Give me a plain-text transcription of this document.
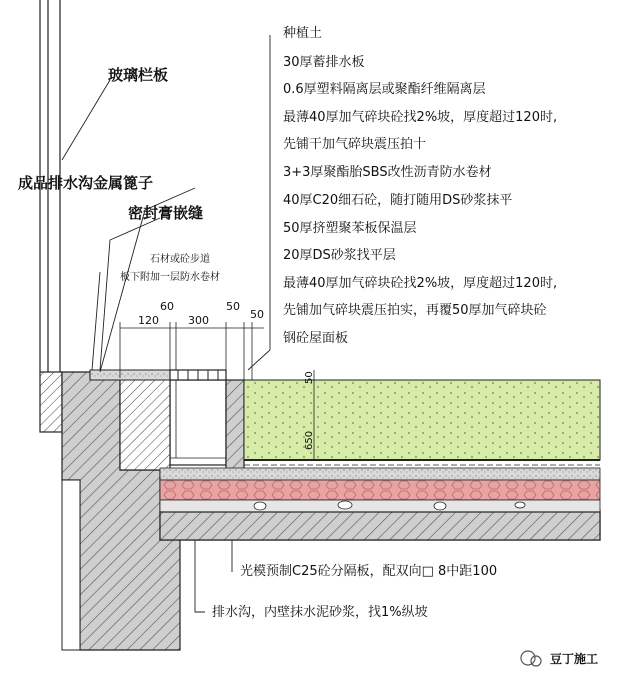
种植土
30厚蓄排水板
0.6厚塑料隔离层或聚酯纤维隔离层
最薄40厚加气碎块砼找2%坡，厚度超过120时,
先铺干加气碎块震压拍十
3+3厚聚酯胎SBS改性沥青防水卷材
40厚C20细石砼，随打随用DS砂浆抹平
50厚挤塑聚苯板保温层
20厚DS砂浆找平层
最薄40厚加气碎块砼找2%坡，厚度超过120时,
先铺加气碎块震压拍实，再覆50厚加气碎块砼
钢砼屋面板
玻璃栏板
成品排水沟金属篦子
密封膏嵌缝
石材或砼步道
板下附加一层防水卷材
120
60
300
50
50
50
650
光模预制C25砼分隔板，配双向□ 8中距100
排水沟，内壁抹水泥砂浆，找1%纵坡
豆丁施工
